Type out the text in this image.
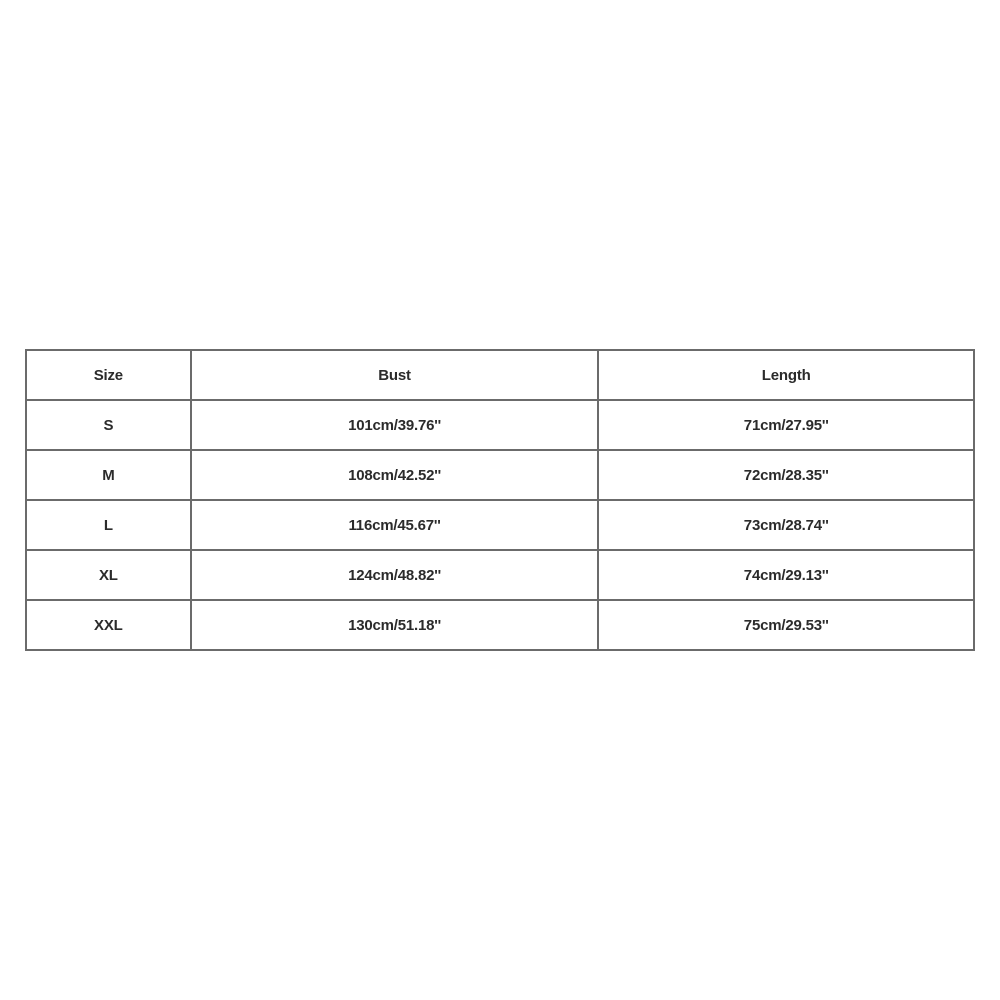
Size	Bust	Length
S	101cm/39.76''	71cm/27.95''
M	108cm/42.52''	72cm/28.35''
L	116cm/45.67''	73cm/28.74''
XL	124cm/48.82''	74cm/29.13''
XXL	130cm/51.18''	75cm/29.53''
